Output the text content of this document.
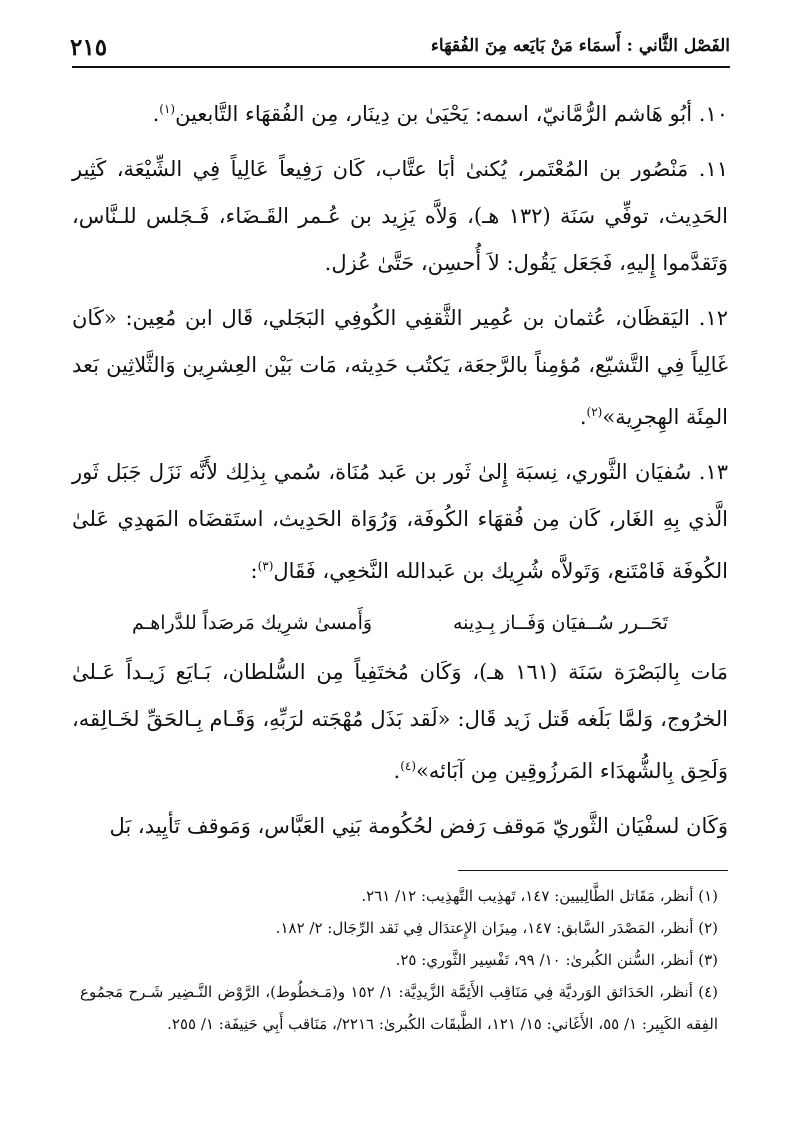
الفَصْل الثَّاني : أَسمَاء مَنْ بَايَعه مِنَ الفُقهَاء
٢١٥

١٠. أبُو هَاشم الرُّمَّانيّ، اسمه: يَحْيَىٰ بن دِينَار، مِن الفُقهَاء التَّابعين$^{(١)}$.

١١. مَنْصُور بن المُعْتَمر، يُكنىٰ أبَا عتَّاب، كَان رَفِيعاً عَالِياً فِي الشِّيْعَة، كَثِير الحَدِيث، توفِّي سَنَة (١٣٢ هـ)، وَلاَّه يَزِيد بن عُـمر القَـضَاء، فَـجَلس للـنَّاس، وَتَقدَّموا إِليهِ، فَجَعَل يَقُول: لاَ أُحسِن، حَتَّىٰ عُزل.

١٢. اليَقظَان، عُثمان بن عُمِير الثَّقفِي الكُوفِي البَجَلي، قَال ابن مُعِين: «كَان غَالِياً فِي التَّشيّع، مُؤمِناً بالرَّجعَة، يَكتُب حَدِيثه، مَات بَيْن العِشرِين وَالثَّلاثِين بَعد المِئَة الهِجرِية»$^{(٢)}$.

١٣. سُفيَان الثَّوري، نِسبَة إِلىٰ ثَور بن عَبد مُنَاة، سُمي بِذلِك لأَنَّه نَزَل جَبَل ثَور الَّذي بِهِ الغَار، كَان مِن فُقهَاء الكُوفَة، وَرُوَاة الحَدِيث، استَقضَاه المَهدِي عَلىٰ الكُوفَة فَامْتَنع، وَتَولاَّه شُرِيك بن عَبدالله النَّخعِي، فَقَال$^{(٣)}$:

تَحَــرر سُــفيَان وَفَــاز بِـدِينه
وَأَمسىٰ شرِيك مَرصَداً للدَّراهـم

مَات بِالبَصْرَة سَنَة (١٦١ هـ)، وَكَان مُختَفِياً مِن السُّلطان، بَـايَع زَيـداً عَـلىٰ الخرُوج، وَلمَّا بَلَغه قَتل زَيد قَال: «لَقد بَذَل مُهْجَته لرَبِّهِ، وَقَـام بِـالحَقِّ لخَـالِقه، وَلَحِق بِالشُّهدَاء المَرزُوقِين مِن آبَائه»$^{(٤)}$.

وَكَان لسفْيَان الثَّوريّ مَوقف رَفض لحُكُومة بَنِي العَبَّاس، وَمَوقف تَأيِيد، بَل

(١) أنظر، مَقَاتل الطَّالِبيين: ١٤٧، تَهذِيب التَّهذِيب: ١٢/ ٢٦١.

(٢) أنظر، المَصْدَر السَّابق: ١٤٧، مِيزَان الإِعتدَال فِي نَقد الرِّجَال: ٢/ ١٨٢.

(٣) أنظر، السُّنن الكُبرىٰ: ١٠/ ٩٩، تَفْسِير الثَّوري: ٢٥.

(٤) أنظر، الحَدَائق الوَرديَّة فِي مَنَاقِب الأَئِمَّة الزَّيدِيَّة: ١/ ١٥٢ و(مَـخطُوط)، الرَّوْض النَّـضِير شَـرح مَجمُوع الفِقه الكَبِير: ١/ ٥٥، الأَغَاني: ١٥/ ١٢١، الطَّبقَات الكُبرىٰ: ٢٢١٦/، مَنَاقب أَبِي حَنِيفَة: ١/ ٢٥٥.
